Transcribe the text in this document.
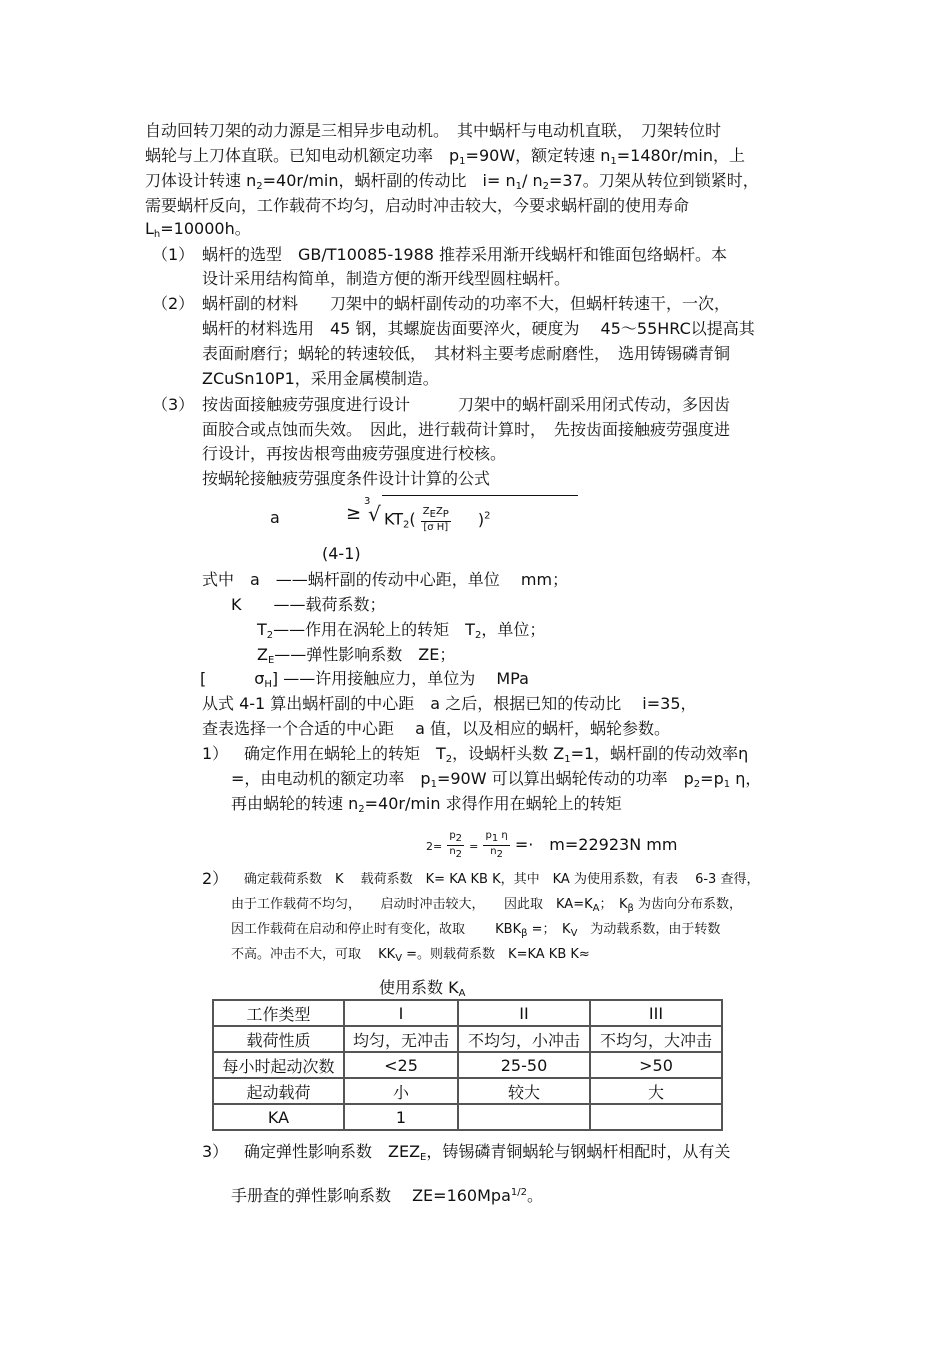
自动回转刀架的动力源是三相异步电动机。　其中蜗杆与电动机直联，　刀架转位时
蜗轮与上刀体直联。已知电动机额定功率　$p_1=90W$，额定转速 $n_1=1480r/\min$，上
刀体设计转速 $n_2=40r/\min$，蜗杆副的传动比　$i= n_1/$ $n_2=37$。刀架从转位到锁紧时，
需要蜗杆反向，工作载荷不均匀，启动时冲击较大，今要求蜗杆副的使用寿命
$L_h=10000h$。
（1） 蜗杆的选型　GB/T10085-1988 推荐采用渐开线蜗杆和锥面包络蜗杆。本
设计采用结构简单，制造方便的渐开线型圆柱蜗杆。
（2） 蜗杆副的材料　　刀架中的蜗杆副传动的功率不大，但蜗杆转速干，一次，
蜗杆的材料选用　45 钢，其螺旋齿面要淬火，硬度为　 45～55HRC以提高其
表面耐磨行；蜗轮的转速较低，　其材料主要考虑耐磨性，　选用铸锡磷青铜
ZCuSn10P1，采用金属模制造。
（3） 按齿面接触疲劳强度进行设计　　　刀架中的蜗杆副采用闭式传动，多因齿
面胶合或点蚀而失效。　因此，进行载荷计算时，　先按齿面接触疲劳强度进
行设计，再按齿根弯曲疲劳强度进行校核。
按蜗轮接触疲劳强度条件设计计算的公式
a	≥
3
√ $KT_2( \frac{Z_EZ_P}{\text{[σ H]}} )^2$
(4-1)
式中　a　——蜗杆副的传动中心距，单位　 mm；
K　　——载荷系数；
$T_2——$作用在涡轮上的转矩　$T_2$，单位；
$Z_E——$弹性影响系数　ZE；
[　　　$\sigma_H$] ——许用接触应力，单位为　 MPa
从式 4-1 算出蜗杆副的中心距　a 之后，根据已知的传动比　 i=35，
查表选择一个合适的中心距　 a 值，以及相应的蜗杆，蜗轮参数。
1） 确定作用在蜗轮上的转矩　$T_2$，设蜗杆头数 $Z_1=1$，蜗杆副的传动效率η
=，由电动机的额定功率　$p_1=90W$ 可以算出蜗轮传动的功率　$p_2=p_1$ η，
再由蜗轮的转速 $n_2=40r/\min$ 求得作用在蜗轮上的转矩
$2= \frac{p_2}{n_2} = \frac{p_1 \eta}{n_2}$ =·　m=22923N mm
2） 确定载荷系数　K　 载荷系数　K= KA KB K，其中　KA 为使用系数，有表　 6-3 查得，
由于工作载荷不均匀，　　启动时冲击较大，　　因此取　$KA=K_A$；　$K_\beta$ 为齿向分布系数，
因工作载荷在启动和停止时有变化，故取　　 $KBK_\beta$ =；　$K_V$　为动载系数，由于转数
不高。冲击不大，可取　 $KK_V$ =。则载荷系数　K=KA KB K≈
使用系数 $K_A$
工作类型	I	II	III
载荷性质	均匀，无冲击	不均匀，小冲击	不均匀，大冲击
每小时起动次数	<25	25-50	>50
起动载荷	小	较大	大
KA	1		
3） 确定弹性影响系数　$ZEZ_E$，铸锡磷青铜蜗轮与钢蜗杆相配时，从有关
手册查的弹性影响系数　 ZE=160Mpa$^{1/2}$。
